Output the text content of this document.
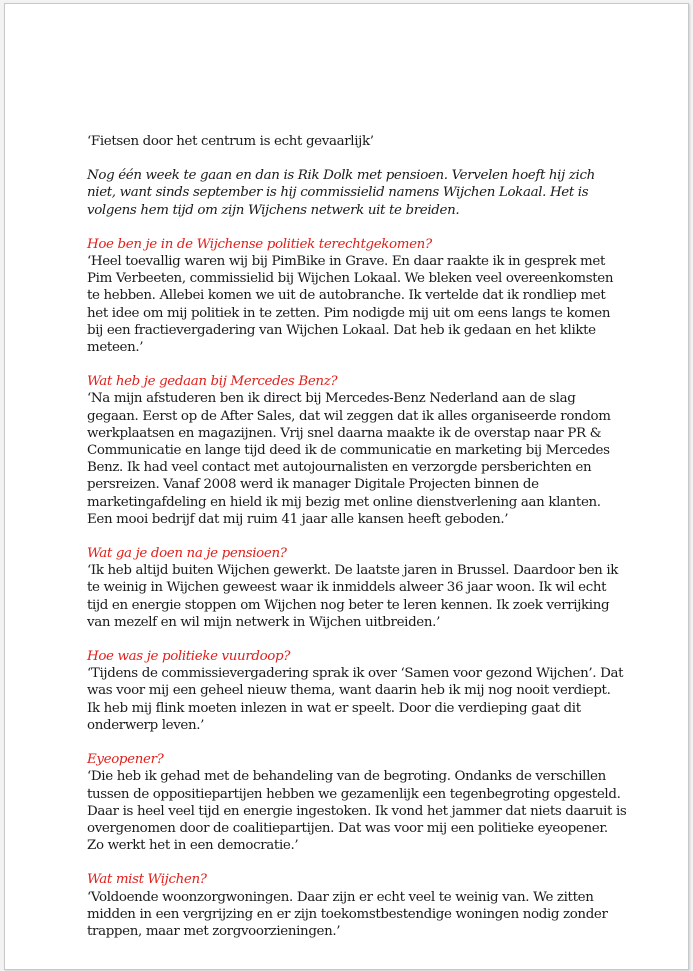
‘Fietsen door het centrum is echt gevaarlijk’

Nog één week te gaan en dan is Rik Dolk met pensioen. Vervelen hoeft hij zich niet, want sinds september is hij commissielid namens Wijchen Lokaal. Het is volgens hem tijd om zijn Wijchens netwerk uit te breiden.

Hoe ben je in de Wijchense politiek terechtgekomen?
‘Heel toevallig waren wij bij PimBike in Grave. En daar raakte ik in gesprek met Pim Verbeeten, commissielid bij Wijchen Lokaal. We bleken veel overeenkomsten te hebben. Allebei komen we uit de autobranche. Ik vertelde dat ik rondliep met het idee om mij politiek in te zetten. Pim nodigde mij uit om eens langs te komen bij een fractievergadering van Wijchen Lokaal. Dat heb ik gedaan en het klikte meteen.’
Wat heb je gedaan bij Mercedes Benz?
‘Na mijn afstuderen ben ik direct bij Mercedes-Benz Nederland aan de slag gegaan. Eerst op de After Sales, dat wil zeggen dat ik alles organiseerde rondom werkplaatsen en magazijnen. Vrij snel daarna maakte ik de overstap naar PR & Communicatie en lange tijd deed ik de communicatie en marketing bij Mercedes Benz. Ik had veel contact met autojournalisten en verzorgde persberichten en persreizen. Vanaf 2008 werd ik manager Digitale Projecten binnen de marketingafdeling en hield ik mij bezig met online dienstverlening aan klanten. Een mooi bedrijf dat mij ruim 41 jaar alle kansen heeft geboden.’
Wat ga je doen na je pensioen?
‘Ik heb altijd buiten Wijchen gewerkt. De laatste jaren in Brussel. Daardoor ben ik te weinig in Wijchen geweest waar ik inmiddels alweer 36 jaar woon. Ik wil echt tijd en energie stoppen om Wijchen nog beter te leren kennen. Ik zoek verrijking van mezelf en wil mijn netwerk in Wijchen uitbreiden.’
Hoe was je politieke vuurdoop?
‘Tijdens de commissievergadering sprak ik over ‘Samen voor gezond Wijchen’. Dat was voor mij een geheel nieuw thema, want daarin heb ik mij nog nooit verdiept. Ik heb mij flink moeten inlezen in wat er speelt. Door die verdieping gaat dit onderwerp leven.’
Eyeopener?
‘Die heb ik gehad met de behandeling van de begroting. Ondanks de verschillen tussen de oppositiepartijen hebben we gezamenlijk een tegenbegroting opgesteld. Daar is heel veel tijd en energie ingestoken. Ik vond het jammer dat niets daaruit is overgenomen door de coalitiepartijen. Dat was voor mij een politieke eyeopener. Zo werkt het in een democratie.’
Wat mist Wijchen?
‘Voldoende woonzorgwoningen. Daar zijn er echt veel te weinig van. We zitten midden in een vergrijzing en er zijn toekomstbestendige woningen nodig zonder trappen, maar met zorgvoorzieningen.’
